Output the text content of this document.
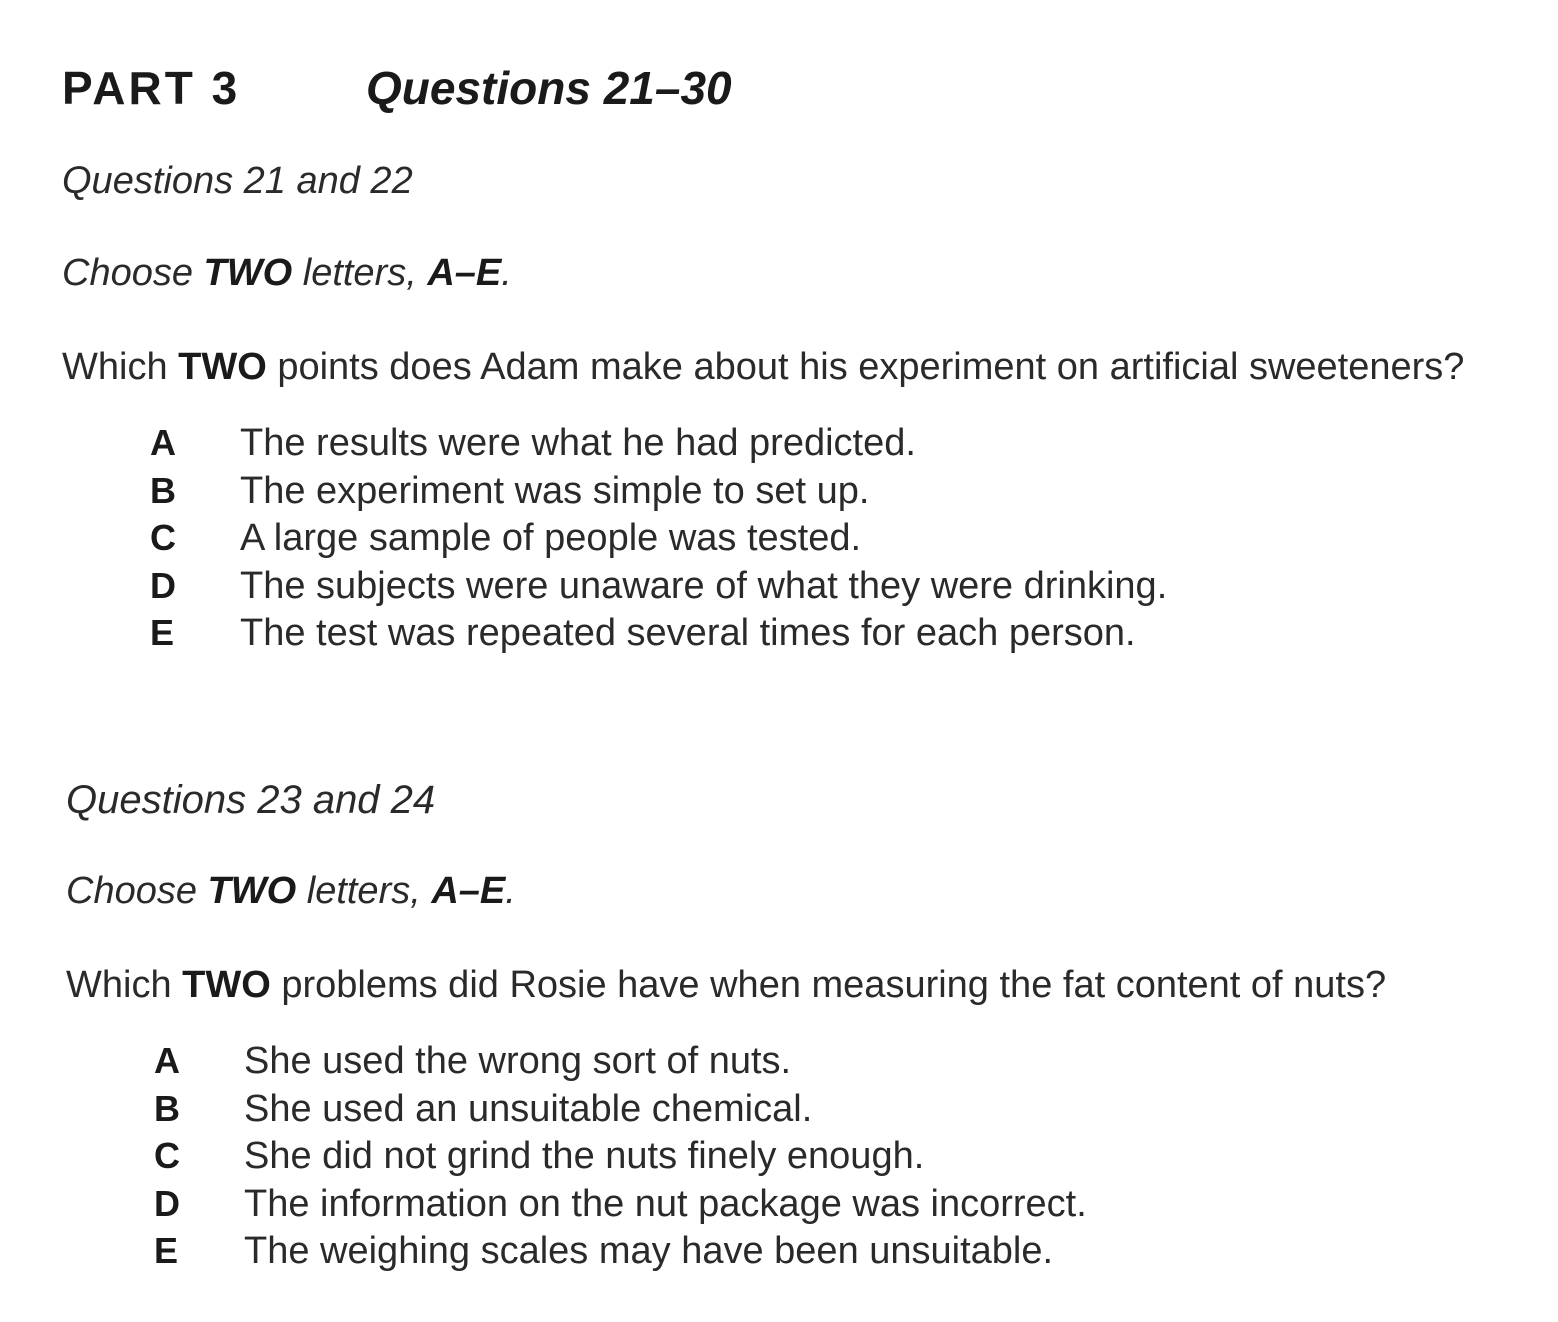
PART 3	Questions 21–30
Questions 21 and 22
Choose TWO letters, A–E.
Which TWO points does Adam make about his experiment on artificial sweeteners?
A	The results were what he had predicted.
B	The experiment was simple to set up.
C	A large sample of people was tested.
D	The subjects were unaware of what they were drinking.
E	The test was repeated several times for each person.
Questions 23 and 24
Choose TWO letters, A–E.
Which TWO problems did Rosie have when measuring the fat content of nuts?
A	She used the wrong sort of nuts.
B	She used an unsuitable chemical.
C	She did not grind the nuts finely enough.
D	The information on the nut package was incorrect.
E	The weighing scales may have been unsuitable.
